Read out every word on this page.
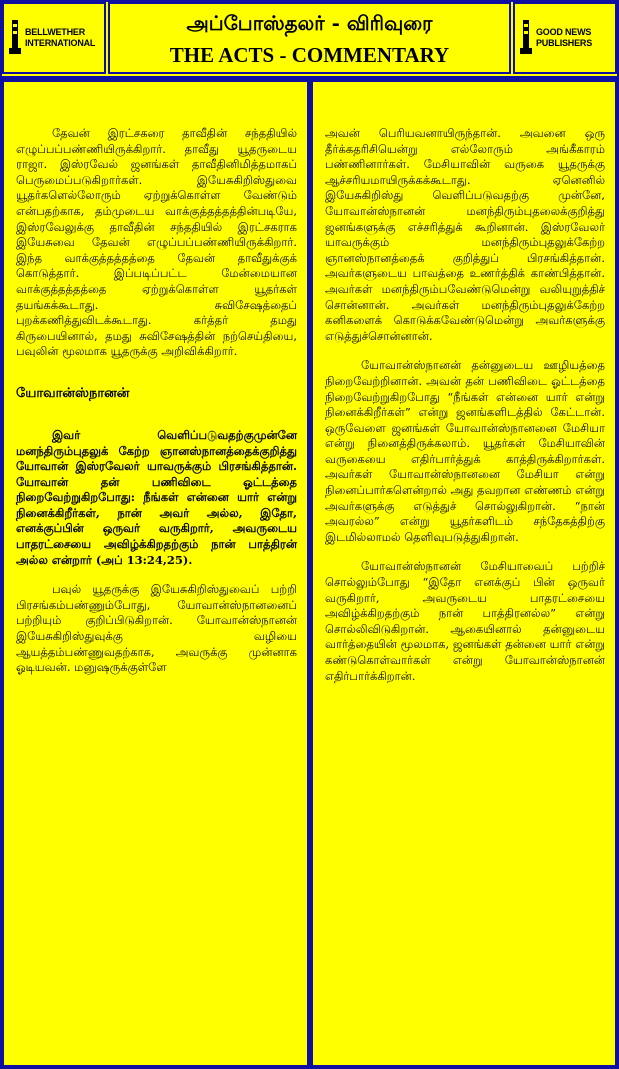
BELLWETHER
INTERNATIONAL
அப்போஸ்தலர் - விரிவுரை
THE ACTS - COMMENTARY
GOOD NEWS
PUBLISHERS

தேவன் இரட்சகரை தாவீதின் சந்ததியில் எழுப்பப்பண்ணியிருக்கிறார். தாவீது யூதருடைய ராஜா. இஸ்ரவேல் ஜனங்கள் தாவீதினிமித்தமாகப் பெருமைப்படுகிறார்கள். இயேசுகிறிஸ்துவை யூதர்களெல்லோரும் ஏற்றுக்கொள்ள வேண்டும் என்பதற்காக, தம்முடைய வாக்குத்தத்தத்தின்படியே, இஸ்ரவேலுக்கு தாவீதின் சந்ததியில் இரட்சகராக இயேசுவை தேவன் எழுப்பப்பண்ணியிருக்கிறார். இந்த வாக்குத்தத்தத்தை தேவன் தாவீதுக்குக் கொடுத்தார். இப்படிப்பட்ட மேன்மையான வாக்குத்தத்தத்தை ஏற்றுக்கொள்ள யூதர்கள் தயங்கக்கூடாது. சுவிசேஷத்தைப் புறக்கணித்துவிடக்கூடாது. கர்த்தர் தமது கிருபையினால், தமது சுவிசேஷத்தின் நற்செய்தியை, பவுலின் மூலமாக யூதருக்கு அறிவிக்கிறார்.

யோவான்ஸ்நானன்

இவர் வெளிப்படுவதற்குமுன்னே மனந்திரும்புதலுக் கேற்ற ஞானஸ்நானத்தைக்குறித்து யோவான் இஸ்ரவேலர் யாவருக்கும் பிரசங்கித்தான். யோவான் தன் பணிவிடை ஓட்டத்தை நிறைவேற்றுகிறபோது: நீங்கள் என்னை யார் என்று நினைக்கிறீர்கள், நான் அவர் அல்ல, இதோ, எனக்குப்பின் ஒருவர் வருகிறார், அவருடைய பாதரட்சையை அவிழ்க்கிறதற்கும் நான் பாத்திரன் அல்ல என்றார் (அப் 13:24,25).

பவுல் யூதருக்கு இயேசுகிறிஸ்துவைப் பற்றி பிரசங்கம்பண்ணும்போது, யோவான்ஸ்நானனைப் பற்றியும் குறிப்பிடுகிறான். யோவான்ஸ்நானன் இயேசுகிறிஸ்துவுக்கு வழியை ஆயத்தம்பண்ணுவதற்காக, அவருக்கு முன்னாக ஓடியவன். மனுஷருக்குள்ளே

அவன் பெரியவனாயிருந்தான். அவனை ஒரு தீர்க்கதரிசியென்று எல்லோரும் அங்கீகாரம் பண்ணினார்கள். மேசியாவின் வருகை யூதருக்கு ஆச்சரியமாயிருக்கக்கூடாது. ஏனெனில் இயேசுகிறிஸ்து வெளிப்படுவதற்கு முன்னே, யோவான்ஸ்நானன் மனந்திரும்புதலைக்குறித்து ஜனங்களுக்கு எச்சரித்துக் கூறினான். இஸ்ரவேலர் யாவருக்கும் மனந்திரும்புதலுக்கேற்ற ஞானஸ்நானத்தைக் குறித்துப் பிரசங்கித்தான். அவர்களுடைய பாவத்தை உணர்த்திக் காண்பித்தான். அவர்கள் மனந்திரும்பவேண்டுமென்று வலியுறுத்திச் சொன்னான். அவர்கள் மனந்திரும்புதலுக்கேற்ற கனிகளைக் கொடுக்கவேண்டுமென்று அவர்களுக்கு எடுத்துச்சொன்னான்.

யோவான்ஸ்நானன் தன்னுடைய ஊழியத்தை நிறைவேற்றினான். அவன் தன் பணிவிடை ஓட்டத்தை நிறைவேற்றுகிறபோது “நீங்கள் என்னை யார் என்று நினைக்கிறீர்கள்” என்று ஜனங்களிடத்தில் கேட்டான். ஒருவேளை ஜனங்கள் யோவான்ஸ்நானனை மேசியா என்று நினைத்திருக்கலாம். யூதர்கள் மேசியாவின் வருகையை எதிர்பார்த்துக் காத்திருக்கிறார்கள். அவர்கள் யோவான்ஸ்நானனை மேசியா என்று நினைப்பார்களென்றால் அது தவறான எண்ணம் என்று அவர்களுக்கு எடுத்துச் சொல்லுகிறான். “நான் அவரல்ல” என்று யூதர்களிடம் சந்தேகத்திற்கு இடமில்லாமல் தெளிவுபடுத்துகிறான்.

யோவான்ஸ்நானன் மேசியாவைப் பற்றிச் சொல்லும்போது “இதோ எனக்குப் பின் ஒருவர் வருகிறார், அவருடைய பாதரட்சையை அவிழ்க்கிறதற்கும் நான் பாத்திரனல்ல” என்று சொல்லிவிடுகிறான். ஆகையினால் தன்னுடைய வார்த்தையின் மூலமாக, ஜனங்கள் தன்னை யார் என்று கண்டுகொள்வார்கள் என்று யோவான்ஸ்நானன் எதிர்பார்க்கிறான்.
